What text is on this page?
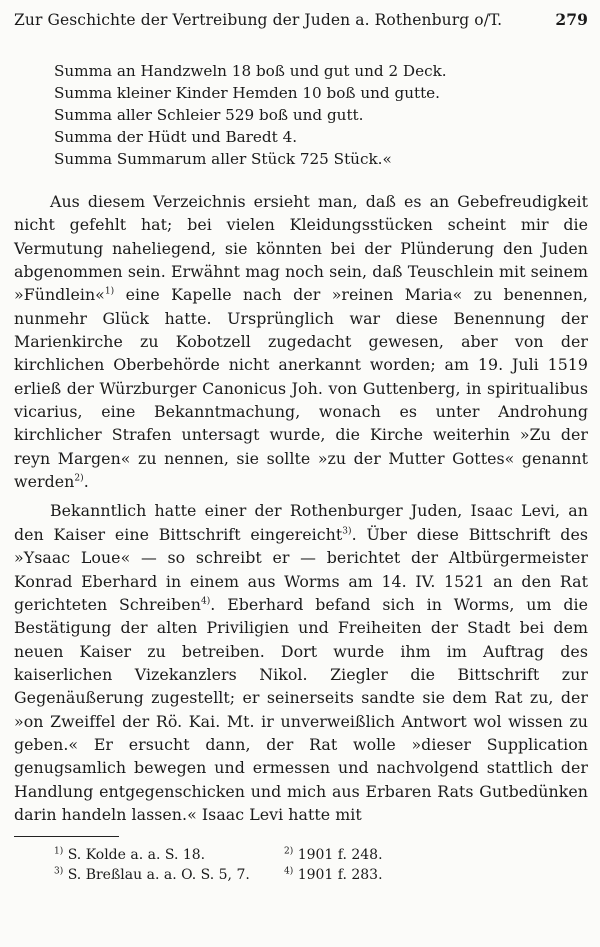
Zur Geschichte der Vertreibung der Juden a. Rothenburg o/T.	279
Summa an Handzweln 18 boß und gut und 2 Deck.
Summa kleiner Kinder Hemden 10 boß und gutte.
Summa aller Schleier 529 boß und gutt.
Summa der Hüdt und Baredt 4.
Summa Summarum aller Stück 725 Stück.«

Aus diesem Verzeichnis ersieht man, daß es an Gebefreudigkeit nicht gefehlt hat; bei vielen Kleidungsstücken scheint mir die Vermutung naheliegend, sie könnten bei der Plünderung den Juden abgenommen sein. Erwähnt mag noch sein, daß Teuschlein mit seinem »Fündlein«$^{1)}$ eine Kapelle nach der »reinen Maria« zu benennen, nunmehr Glück hatte. Ursprünglich war diese Benennung der Marienkirche zu Kobotzell zugedacht gewesen, aber von der kirchlichen Oberbehörde nicht anerkannt worden; am 19. Juli 1519 erließ der Würzburger Canonicus Joh. von Guttenberg, in spiritualibus vicarius, eine Bekanntmachung, wonach es unter Androhung kirchlicher Strafen untersagt wurde, die Kirche weiterhin »Zu der reyn Margen« zu nennen, sie sollte »zu der Mutter Gottes« genannt werden$^{2)}$.

Bekanntlich hatte einer der Rothenburger Juden, Isaac Levi, an den Kaiser eine Bittschrift eingereicht$^{3)}$. Über diese Bittschrift des »Ysaac Loue« — so schreibt er — berichtet der Altbürgermeister Konrad Eberhard in einem aus Worms am 14. IV. 1521 an den Rat gerichteten Schreiben$^{4)}$. Eberhard befand sich in Worms, um die Bestätigung der alten Priviligien und Freiheiten der Stadt bei dem neuen Kaiser zu betreiben. Dort wurde ihm im Auftrag des kaiserlichen Vizekanzlers Nikol. Ziegler die Bittschrift zur Gegenäußerung zugestellt; er seinerseits sandte sie dem Rat zu, der »on Zweiffel der Rö. Kai. Mt. ir unverweißlich Antwort wol wissen zu geben.« Er ersucht dann, der Rat wolle »dieser Supplication genugsamlich bewegen und ermessen und nachvolgend stattlich der Handlung entgegenschicken und mich aus Erbaren Rats Gutbedünken darin handeln lassen.« Isaac Levi hatte mit

$^{1)}$ S. Kolde a. a. S. 18.	$^{2)}$ 1901 f. 248.
$^{3)}$ S. Breßlau a. a. O. S. 5, 7.	$^{4)}$ 1901 f. 283.
